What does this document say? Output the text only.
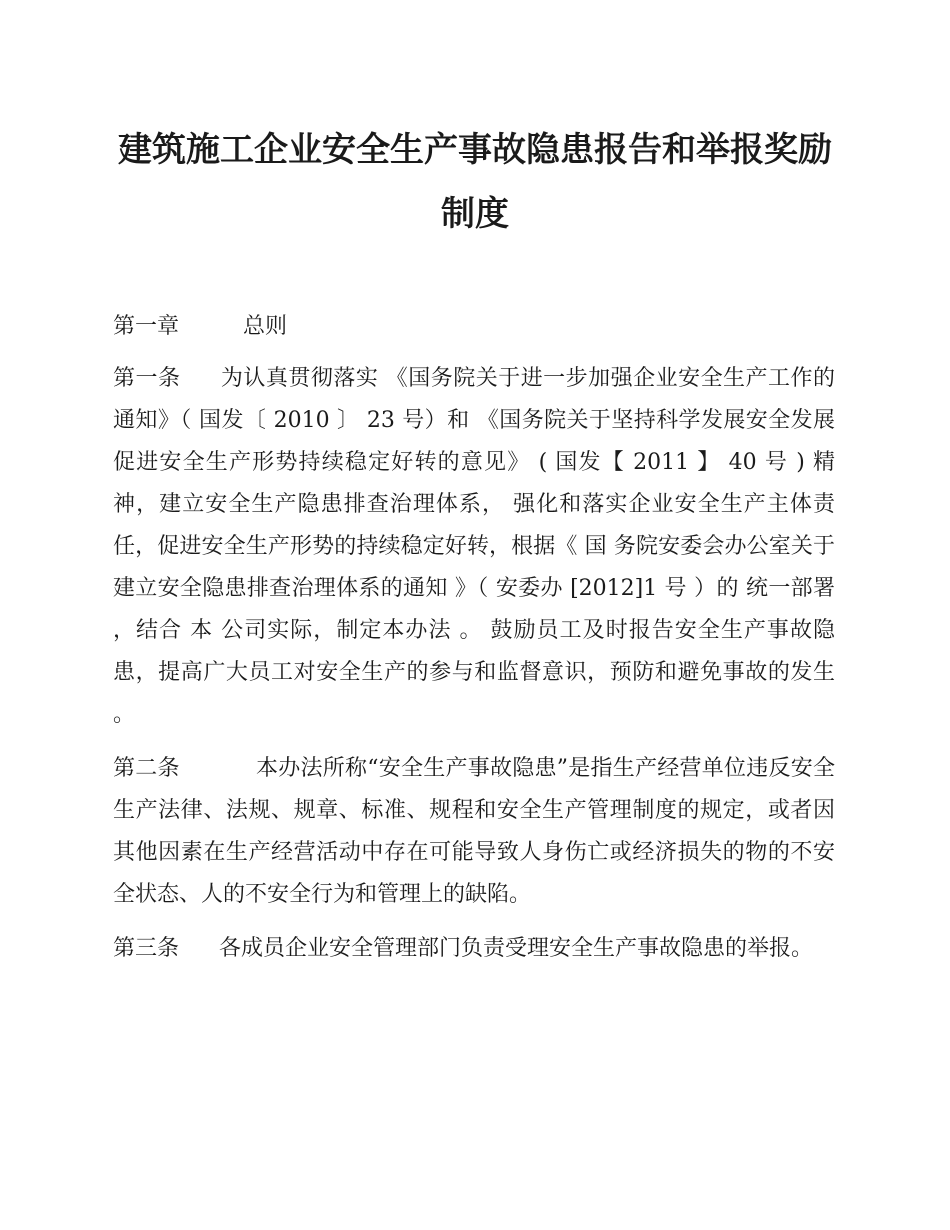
建筑施工企业安全生产事故隐患报告和举报奖励
制度
第一章	总则

第一条 为认真贯彻落实 《国务院关于进一步加强企业安全生产工作的通知》（ 国发〔 2010 〕 23 号）和 《国务院关于坚持科学发展安全发展促进安全生产形势持续稳定好转的意见》 ( 国发【 2011 】 40 号 ) 精神，建立安全生产隐患排查治理体系， 强化和落实企业安全生产主体责任，促进安全生产形势的持续稳定好转，根据《 国 务院安委会办公室关于建立安全隐患排查治理体系的通知 》（ 安委办 [2012]1 号 ）的 统一部署 ，结合 本 公司实际，制定本办法 。 鼓励员工及时报告安全生产事故隐患，提高广大员工对安全生产的参与和监督意识，预防和避免事故的发生 。

第二条	本办法所称“安全生产事故隐患”是指生产经营单位违反安全生产法律、法规、规章、标准、规程和安全生产管理制度的规定，或者因其他因素在生产经营活动中存在可能导致人身伤亡或经济损失的物的不安全状态、人的不安全行为和管理上的缺陷。

第三条 各成员企业安全管理部门负责受理安全生产事故隐患的举报。
